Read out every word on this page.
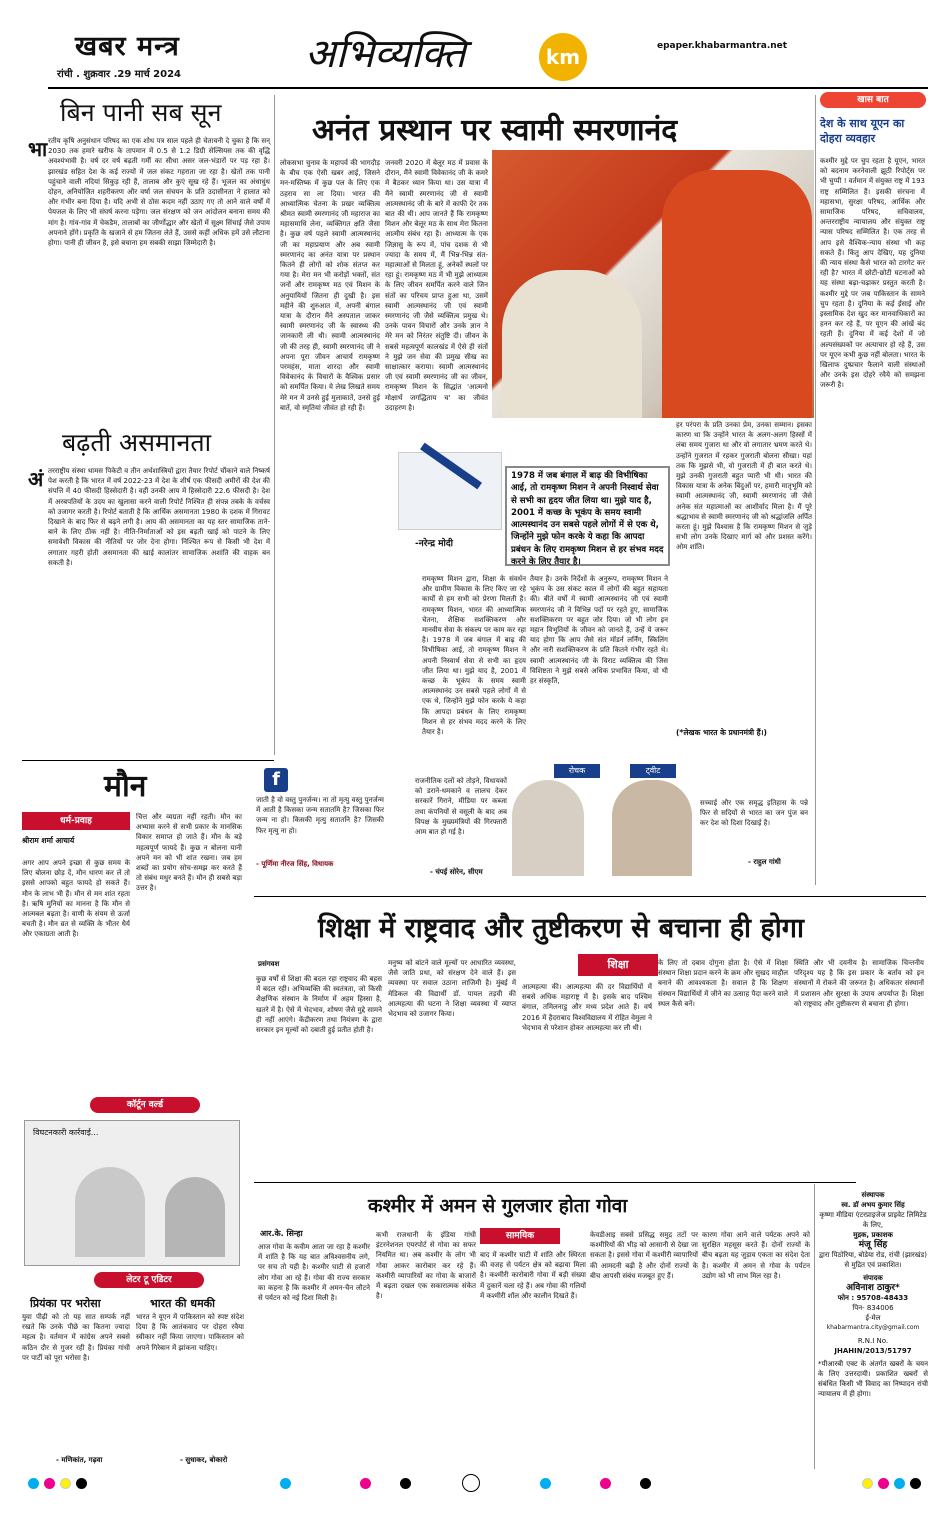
खबर मन्त्र
रांची . शुक्रवार .29 मार्च 2024	अभिव्यक्ति	km	epaper.khabarmantra.net
बिन पानी सब सून
भा रतीय कृषि अनुसंधान परिषद का एक शोध पत्र साल पहले ही चेतावनी दे चुका है कि सन् 2030 तक हमारे खरीफ के तापमान में 0.5 से 1.2 डिग्री सेल्सियस तक की वृद्धि अवश्यंभावी है। वर्ष दर वर्ष बढ़ती गर्मी का सीधा असर जल-भंडारों पर पड़ रहा है। झारखंड सहित देश के कई राज्यों में जल संकट गहराता जा रहा है। खेतों तक पानी पहुंचाने वाली नदियां सिकुड़ रही हैं, तालाब और कुएं सूख रहे हैं। भूजल का अंधाधुंध दोहन, अनियोजित शहरीकरण और वर्षा जल संचयन के प्रति उदासीनता ने हालात को और गंभीर बना दिया है। यदि अभी से ठोस कदम नहीं उठाए गए तो आने वाले वर्षों में पेयजल के लिए भी संघर्ष करना पड़ेगा। जल संरक्षण को जन आंदोलन बनाना समय की मांग है। गांव-गांव में चेकडैम, तालाबों का जीर्णोद्धार और खेतों में सूक्ष्म सिंचाई जैसे उपाय अपनाने होंगे। प्रकृति के खजाने से हम जितना लेते हैं, उससे कहीं अधिक हमें उसे लौटाना होगा। पानी ही जीवन है, इसे बचाना हम सबकी साझा जिम्मेदारी है।
बढ़ती असमानता
अं तरराष्ट्रीय संस्था थामस पिकेटी व तीन अर्थशास्त्रियों द्वारा तैयार रिपोर्ट चौंकाने वाले निष्कर्ष पेश करती है कि भारत में वर्ष 2022-23 में देश के शीर्ष एक फीसदी अमीरों की देश की संपत्ति में 40 फीसदी हिस्सेदारी है। वहीं उनकी आय में हिस्सेदारी 22.6 फीसदी है। देश में अरबपतियों के उदय का खुलासा करने वाली रिपोर्ट निश्चित ही संपन्न तबके के वर्चस्व को उजागर करती है। रिपोर्ट बताती है कि आर्थिक असमानता 1980 के दशक में गिरावट दिखाने के बाद फिर से बढ़ने लगी है। आय की असमानता का यह स्तर सामाजिक ताने-बाने के लिए ठीक नहीं है। नीति-निर्माताओं को इस बढ़ती खाई को पाटने के लिए समावेशी विकास की नीतियों पर जोर देना होगा। निश्चित रूप से किसी भी देश में लगातार गहरी होती असमानता की खाई कालांतर सामाजिक अशांति की वाहक बन सकती है।
अनंत प्रस्थान पर स्वामी स्मरणानंद
लोकसभा चुनाव के महापर्व की भागदौड़ के बीच एक ऐसी खबर आई, जिसने मन-मस्तिष्क में कुछ पल के लिए एक ठहराव सा ला दिया। भारत की आध्यात्मिक चेतना के प्रखर व्यक्तित्व श्रीमत स्वामी स्मरणानंद जी महाराज का महासमाधि लेना, व्यक्तिगत क्षति जैसा है। कुछ वर्ष पहले स्वामी आत्मस्थानंद जी का महाप्रयाण और अब स्वामी स्मरणानंद का अनंत यात्रा पर प्रस्थान कितने ही लोगों को शोक संतप्त कर गया है। मेरा मन भी करोड़ों भक्तों, संत जनों और रामकृष्ण मठ एवं मिशन के अनुयायियों जितना ही दुखी है। इस महीने की शुरुआत में, अपनी बंगाल यात्रा के दौरान मैंने अस्पताल जाकर स्वामी स्मरणानंद जी के स्वास्थ्य की जानकारी ली थी। स्वामी आत्मस्थानंद जी की तरह ही, स्वामी स्मरणानंद जी ने अपना पूरा जीवन आचार्य रामकृष्ण परमहंस, माता शारदा और स्वामी विवेकानंद के विचारों के वैश्विक प्रसार को समर्पित किया। ये लेख लिखते समय मेरे मन में उनसे हुई मुलाकातें, उनसे हुई बातें, वो स्मृतियां जीवंत हो रही हैं।
जनवरी 2020 में बेलूर मठ में प्रवास के दौरान, मैंने स्वामी विवेकानंद जी के कमरे में बैठकर ध्यान किया था। उस यात्रा में मैंने स्वामी स्मरणानंद जी से स्वामी आत्मस्थानंद जी के बारे में काफी देर तक बात की थी। आप जानते हैं कि रामकृष्ण मिशन और बेलूर मठ के साथ मेरा कितना आत्मीय संबंध रहा है। आध्यात्म के एक जिज्ञासु के रूप में, पांच दशक से भी ज्यादा के समय में, मैं भिन्न-भिन्न संत-महात्माओं से मिलता हूं, अनेकों स्थलों पर रहा हूं। रामकृष्ण मठ में भी मुझे आध्यात्म के लिए जीवन समर्पित करने वाले जिन संतों का परिचय प्राप्त हुआ था, उसमें स्वामी आत्मस्थानंद जी एवं स्वामी स्मरणानंद जी जैसे व्यक्तित्व प्रमुख थे। उनके पावन विचारों और उनके ज्ञान ने मेरे मन को निरंतर संतुष्टि दी। जीवन के सबसे महत्वपूर्ण कालखंड में ऐसे ही संतों ने मुझे जन सेवा की प्रमुख सीख का साक्षात्कार कराया। स्वामी आत्मस्थानंद जी एवं स्वामी स्मरणानंद जी का जीवन, रामकृष्ण मिशन के सिद्धांत 'आत्मनो मोक्षार्थं जगद्धिताय च' का जीवंत उदाहरण है।
-नरेन्द्र मोदी
1978 में जब बंगाल में बाढ़ की विभीषिका आई, तो रामकृष्ण मिशन ने अपनी निस्वार्थ सेवा से सभी का हृदय जीत लिया था। मुझे याद है, 2001 में कच्छ के भूकंप के समय स्वामी आत्मस्थानंद उन सबसे पहले लोगों में से एक थे, जिन्होंने मुझे फोन करके ये कहा कि आपदा प्रबंधन के लिए रामकृष्ण मिशन से हर संभव मदद करने के लिए तैयार है।
रामकृष्ण मिशन द्वारा, शिक्षा के संवर्धन और ग्रामीण विकास के लिए किए जा रहे कार्यों से हम सभी को प्रेरणा मिलती है। रामकृष्ण मिशन, भारत की आध्यात्मिक चेतना, शैक्षिक सशक्तिकरण और मानवीय सेवा के संकल्प पर काम कर रहा है। 1978 में जब बंगाल में बाढ़ की विभीषिका आई, तो रामकृष्ण मिशन ने अपनी निस्वार्थ सेवा से सभी का हृदय जीत लिया था। मुझे याद है, 2001 में कच्छ के भूकंप के समय स्वामी आत्मस्थानंद उन सबसे पहले लोगों में से एक थे, जिन्होंने मुझे फोन करके ये कहा कि आपदा प्रबंधन के लिए रामकृष्ण मिशन से हर संभव मदद करने के लिए तैयार है।
तैयार है। उनके निर्देशों के अनुरूप, रामकृष्ण मिशन ने भूकंप के उस संकट काल में लोगों की बहुत सहायता की। बीते वर्षों में स्वामी आत्मस्थानंद जी एवं स्वामी स्मरणानंद जी ने विभिन्न पदों पर रहते हुए, सामाजिक सशक्तिकरण पर बहुत जोर दिया। जो भी लोग इन महान विभूतियों के जीवन को जानते हैं, उन्हें ये जरूर याद होगा कि आप जैसे संत मॉडर्न लर्निंग, स्किलिंग और नारी सशक्तिकरण के प्रति कितने गंभीर रहते थे। स्वामी आत्मस्थानंद जी के विराट व्यक्तित्व की जिस विशिष्टता ने मुझे सबसे अधिक प्रभावित किया, वो थी हर संस्कृति,
हर परंपरा के प्रति उनका प्रेम, उनका सम्मान। इसका कारण था कि उन्होंने भारत के अलग-अलग हिस्सों में लंबा समय गुजारा था और वो लगातार भ्रमण करते थे। उन्होंने गुजरात में रहकर गुजराती बोलना सीखा। यहां तक कि मुझसे भी, वो गुजराती में ही बात करते थे। मुझे उनकी गुजराती बहुत प्यारी भी थी। भारत की विकास यात्रा के अनेक बिंदुओं पर, हमारी मातृभूमि को स्वामी आत्मस्थानंद जी, स्वामी स्मरणानंद जी जैसे अनेक संत महात्माओं का आशीर्वाद मिला है। मैं पूरे श्रद्धाभाव से स्वामी स्मरणानंद जी को श्रद्धांजलि अर्पित करता हूं। मुझे विश्वास है कि रामकृष्ण मिशन से जुड़े सभी लोग उनके दिखाए मार्ग को और प्रशस्त करेंगे। ओम शांति।
(*लेखक भारत के प्रधानमंत्री हैं।)
खास बात
देश के साथ यूएन का दोहरा व्यवहार
कश्मीर मुद्दे पर चुप रहता है यूएन, भारत को बदनाम करनेवाली झूठी रिपोर्ट्स पर भी चुप्पी ! वर्तमान में संयुक्त राष्ट्र में 193 राष्ट्र सम्मिलित हैं। इसकी संरचना में महासभा, सुरक्षा परिषद, आर्थिक और सामाजिक परिषद, सचिवालय, अन्तरराष्ट्रीय न्यायालय और संयुक्त राष्ट्र न्यास परिषद सम्मिलित है। एक तरह से आप इसे वैश्विक-न्याय संस्था भी कह सकते हैं। किंतु आप देखिए, यह दुनिया की न्याय संस्था कैसे भारत को टारगेट कर रही है? भारत में छोटी-छोटी घटनाओं को यह संस्था बढ़ा-चढ़ाकर प्रस्तुत करती है। कश्मीर मुद्दे पर जब पाकिस्तान के सामने चुप रहता है। दुनिया के कई ईसाई और इस्लामिक देश खुद कर मानवाधिकारों का हनन कर रहे हैं, पर यूएन की आंखें बंद रहती हैं। दुनिया में कई देशों में जो अल्पसंख्यकों पर अत्याचार हो रहे हैं, उस पर यूएन कभी कुछ नहीं बोलता। भारत के खिलाफ दुष्प्रचार फैलाने वाली संस्थाओं और उनके इस दोहरे रवैये को समझना जरूरी है।
मौन
धर्म-प्रवाह
श्रीराम शर्मा आचार्य
अगर आप अपने इच्छा से कुछ समय के लिए बोलना छोड़ दें, मौन धारण कर लें तो इससे आपको बहुत फायदे हो सकते हैं। मौन के लाभ भी हैं। मौन से मन शांत रहता है। ऋषि मुनियों का मानना है कि मौन से आत्मबल बढ़ता है। वाणी के संयम से ऊर्जा बचती है। मौन व्रत से व्यक्ति के भीतर धैर्य और एकाग्रता आती है।
चित्त और व्यग्रता नहीं रहती। मौन का अभ्यास करने से सभी प्रकार के मानसिक विकार समाप्त हो जाते हैं। मौन के बड़े महत्वपूर्ण फायदे हैं। कुछ न बोलना यानी अपने मन को भी शांत रखना। जब हम शब्दों का प्रयोग सोच-समझ कर करते हैं तो संबंध मधुर बनते हैं। मौन ही सबसे बड़ा उत्तर है।
f
जाती है वो वस्तु पुनर्जन्म। ना तो मृत्यु वस्तु पुनर्जन्म में आती है किसका जन्म सतातमि है? जिसका फिर जन्म ना हो। किसकी मृत्यु सतातनि है? जिसकी फिर मृत्यु ना हो।
- पूर्णिमा नीरज सिंह, विधायक
रोचक	ट्वीट
राजनीतिक दलों को तोड़ने, विधायकों को डराने-धमकाने व लालच देकर सरकारें गिराने, मीडिया पर कब्जा तथा कंपनियों से वसूली के बाद अब विपक्ष के मुख्यमंत्रियों की गिरफ्तारी आम बात हो गई है।
- चंपई सोरेन, सीएम
सच्चाई और एक समृद्ध इतिहास के पन्ने फिर से सदियों से भारत का जन पुंज बन कर देश को दिशा दिखाई है।
- राहुल गांधी
शिक्षा में राष्ट्रवाद और तुष्टीकरण से बचाना ही होगा
प्रसंगवश	शिक्षा
कुछ वर्षों से शिक्षा की बदल रहा राष्ट्रवाद की बहस में बदल रही। अभिव्यक्ति की स्वतंत्रता, जो किसी शैक्षणिक संस्थान के निर्माण में अहम हिस्सा है, खतरे में है। ऐसे में भेदभाव, शोषण जैसे मुद्दे सामने ही नहीं आएंगे। केंद्रीकरण तथा नियंत्रण के द्वारा सरकार इन मूल्यों को दबाती हुई प्रतीत होती है।
मनुष्य को बांटने वाले मूल्यों पर आधारित व्यवस्था, जैसे जाति प्रथा, को संरक्षण देने वाले हैं। इस व्यवस्था पर सवाल उठाना लाजिमी है। मुंबई में मेडिकल की विद्यार्थी डॉ. पायल तड़वी की आत्महत्या की घटना ने शिक्षा व्यवस्था में व्याप्त भेदभाव को उजागर किया।
आत्महत्या की। आत्महत्या की दर विद्यार्थियों में सबसे अधिक महाराष्ट्र में है। इसके बाद पश्चिम बंगाल, तमिलनाडु और मध्य प्रदेश आते हैं। वर्ष 2016 में हैदराबाद विश्वविद्यालय में रोहित वेमुला ने भेदभाव से परेशान होकर आत्महत्या कर ली थी।
के लिए तो दबाव दोगुना होता है। ऐसे में शिक्षा संस्थान शिक्षा प्रदान करने के क्रम और सुखद माहौल बनाने की आवश्यकता है। सवाल है कि शिक्षण संस्थान विद्यार्थियों में जीने का उत्साह पैदा करने वाले स्थल कैसे बनें।
स्थिति और भी दयनीय है। सामाजिक चिन्तनीय परिदृश्य यह है कि इस प्रकार के बर्ताव को इन संस्थानों में रोकने की जरूरत है। अधिकतर संस्थानों में प्रशासन और सुरक्षा के उपाय अपर्याप्त हैं। शिक्षा को राष्ट्रवाद और तुष्टीकरण से बचाना ही होगा।
कॉर्टून वर्ल्ड
विघटनकारी कार्रवाई...
लेटर टू एडिटर
प्रियंका पर भरोसा
युवा पीढ़ी को तो यह सात सम्पर्क नहीं रखते कि उनके पीछे का कितना ज्यादा महत्व है। वर्तमान में कांग्रेस अपने सबसे कठिन दौर से गुजर रही है। प्रियंका गांधी पर पार्टी को पूरा भरोसा है।
- मणिकांत, गढ़वा
भारत की धमकी
भारत ने यूएन में पाकिस्तान को स्पष्ट संदेश दिया है कि आतंकवाद पर दोहरा रवैया स्वीकार नहीं किया जाएगा। पाकिस्तान को अपने गिरेबान में झांकना चाहिए।
- सुधाकर, बोकारो
कश्मीर में अमन से गुलजार होता गोवा
आर.के. सिन्हा	सामयिक
आज गोवा के कवीम आता जा रहा है कश्मीर में शांति है कि यह बात अविश्वसनीय लगे, पर सच तो यही है। कश्मीर घाटी से हजारों लोग गोवा आ रहे हैं। गोवा की राज्य सरकार का कहना है कि कश्मीर में अमन-चैन लौटने से पर्यटन को नई दिशा मिली है।
कभी राजधानी के इंडिया गांधी इंटरनेशनल एयरपोर्ट से गोवा का सफर नियमित था। अब कश्मीर के लोग भी गोवा आकर कारोबार कर रहे हैं। कश्मीरी व्यापारियों का गोवा के बाजारों में बढ़ता दखल एक सकारात्मक संकेत है।
बाद में कश्मीर घाटी में शांति और स्थिरता की वजह से पर्यटन क्षेत्र को बढ़ावा मिला है। कश्मीरी कारोबारी गोवा में बड़ी संख्या में दुकानें चला रहे हैं। अब गोवा की गलियों में कश्मीरी शॉल और कालीन दिखते हैं।
केवडीआइ सबसे प्रसिद्ध समुद्र तटों पर कश्मीरियों की भीड़ को आसानी से देखा जा सकता है। इससे गोवा में कश्मीरी व्यापारियों की आमदनी बढ़ी है और दोनों राज्यों के बीच आपसी संबंध मजबूत हुए हैं।
कारण गोवा आने वाले पर्यटक अपने को सुरक्षित महसूस करते हैं। दोनों राज्यों के बीच बढ़ता यह जुड़ाव एकता का संदेश देता है। कश्मीर में अमन से गोवा के पर्यटन उद्योग को भी लाभ मिल रहा है।
संस्थापक
स्व. डॉ अभय कुमार सिंह
कृष्णा मीडिया एंटरप्राइजेज प्राइवेट लिमिटेड के लिए,
मुद्रक, प्रकाशक
मंजू सिंह
द्वारा पिठोरिया, बोडेया रोड, रांची (झारखंड) से मुद्रित एवं प्रकाशित।
संपादक
अविनाश ठाकुर*
फोन : 95708-48433
पिन- 834006
ई-मेल
khabarmantra.city@gmail.com
R.N.I No.
JHAHIN/2013/51797
*पीआरबी एक्ट के अंतर्गत खबरों के चयन के लिए उत्तरदायी। प्रकाशित खबरों से संबंधित किसी भी विवाद का निष्पादन रांची न्यायालय में ही होगा।
